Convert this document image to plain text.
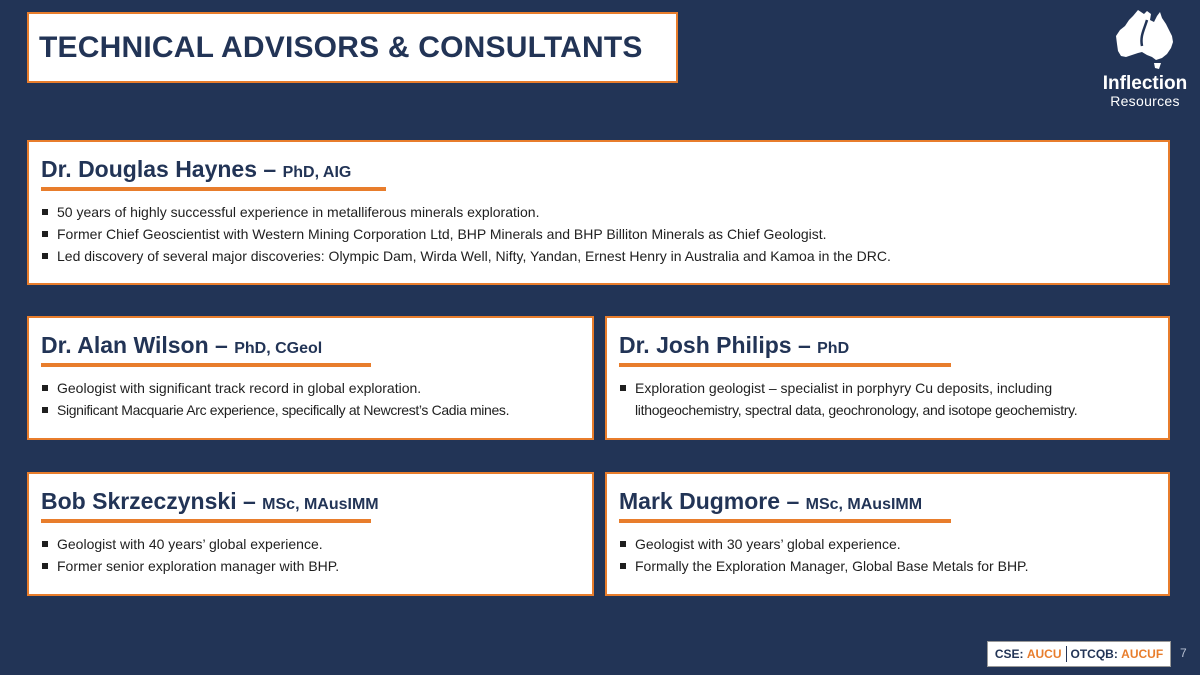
TECHNICAL ADVISORS & CONSULTANTS
Inflection
Resources
Dr. Douglas Haynes – PhD, AIG
50 years of highly successful experience in metalliferous minerals exploration.
Former Chief Geoscientist with Western Mining Corporation Ltd, BHP Minerals and BHP Billiton Minerals as Chief Geologist.
Led discovery of several major discoveries: Olympic Dam, Wirda Well, Nifty, Yandan, Ernest Henry in Australia and Kamoa in the DRC.
Dr. Alan Wilson – PhD, CGeol
Geologist with significant track record in global exploration.
Significant Macquarie Arc experience, specifically at Newcrest’s Cadia mines.
Dr. Josh Philips – PhD
Exploration geologist – specialist in porphyry Cu deposits, including
lithogeochemistry, spectral data, geochronology, and isotope geochemistry.
Bob Skrzeczynski – MSc, MAusIMM
Geologist with 40 years’ global experience.
Former senior exploration manager with BHP.
Mark Dugmore – MSc, MAusIMM
Geologist with 30 years’ global experience.
Formally the Exploration Manager, Global Base Metals for BHP.
CSE:
AUCU OTCQB:
AUCUF 7
